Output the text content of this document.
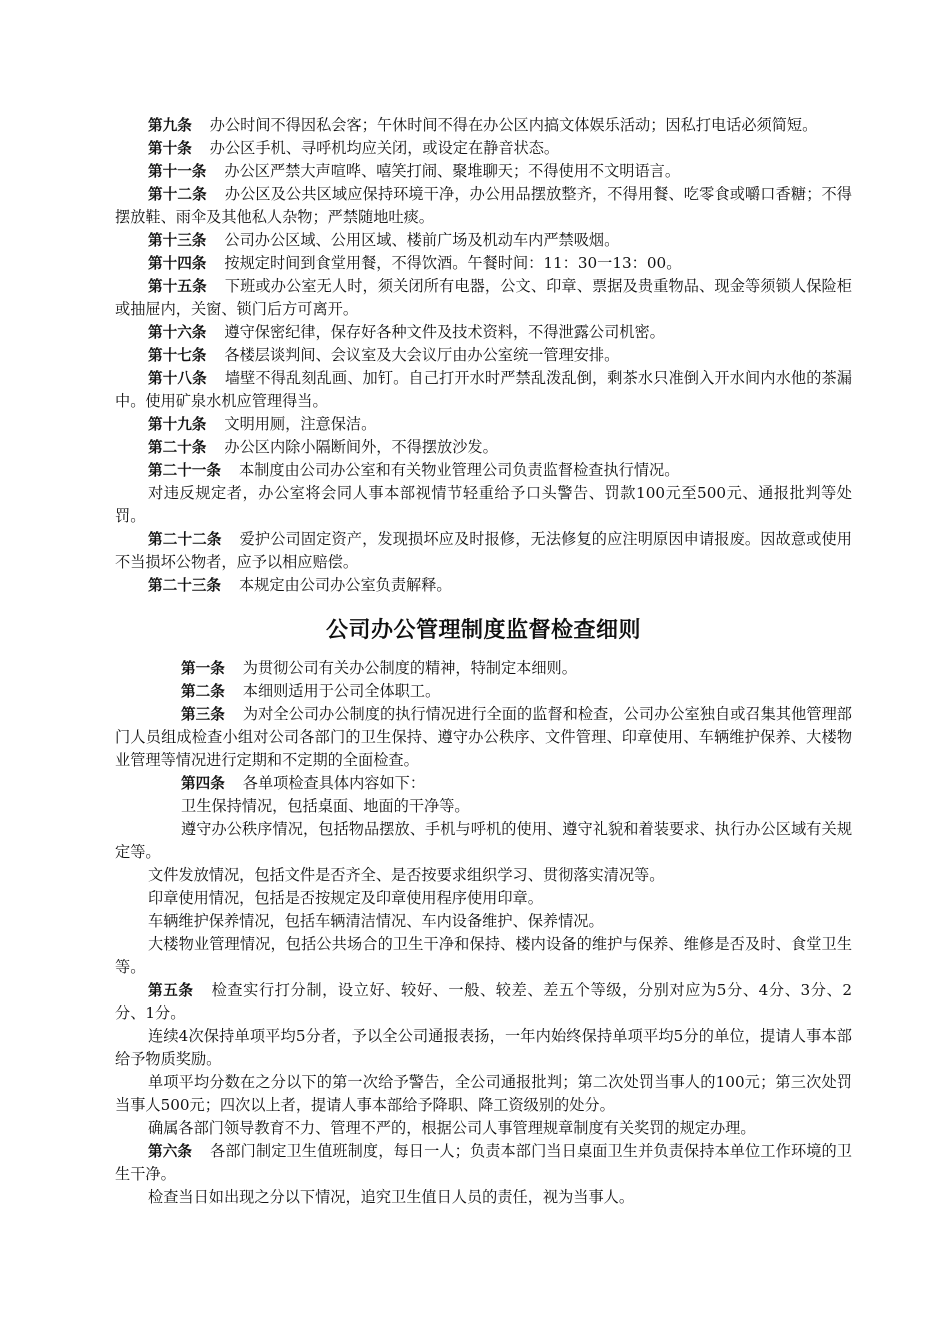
第九条 办公时间不得因私会客；午休时间不得在办公区内搞文体娱乐活动；因私打电话必须简短。

第十条 办公区手机、寻呼机均应关闭，或设定在静音状态。

第十一条 办公区严禁大声喧哗、嘻笑打闹、聚堆聊天；不得使用不文明语言。

第十二条 办公区及公共区域应保持环境干净，办公用品摆放整齐，不得用餐、吃零食或嚼口香糖；不得摆放鞋、雨伞及其他私人杂物；严禁随地吐痰。

第十三条 公司办公区域、公用区域、楼前广场及机动车内严禁吸烟。

第十四条 按规定时间到食堂用餐，不得饮酒。午餐时间：11：30一13：00。

第十五条 下班或办公室无人时，须关闭所有电器，公文、印章、票据及贵重物品、现金等须锁人保险柜或抽屉内，关窗、锁门后方可离开。

第十六条 遵守保密纪律，保存好各种文件及技术资料，不得泄露公司机密。

第十七条 各楼层谈判间、会议室及大会议厅由办公室统一管理安排。

第十八条 墙壁不得乱刻乱画、加钉。自己打开水时严禁乱泼乱倒，剩茶水只准倒入开水间内水他的茶漏中。使用矿泉水机应管理得当。

第十九条 文明用厕，注意保洁。

第二十条 办公区内除小隔断间外，不得摆放沙发。

第二十一条 本制度由公司办公室和有关物业管理公司负责监督检查执行情况。

对违反规定者，办公室将会同人事本部视情节轻重给予口头警告、罚款100元至500元、通报批判等处罚。

第二十二条 爱护公司固定资产，发现损坏应及时报修，无法修复的应注明原因申请报废。因故意或使用不当损坏公物者，应予以相应赔偿。

第二十三条 本规定由公司办公室负责解释。

公司办公管理制度监督检查细则

第一条 为贯彻公司有关办公制度的精神，特制定本细则。

第二条 本细则适用于公司全体职工。

第三条 为对全公司办公制度的执行情况进行全面的监督和检查，公司办公室独自或召集其他管理部门人员组成检查小组对公司各部门的卫生保持、遵守办公秩序、文件管理、印章使用、车辆维护保养、大楼物业管理等情况进行定期和不定期的全面检查。

第四条 各单项检查具体内容如下：

卫生保持情况，包括桌面、地面的干净等。

遵守办公秩序情况，包括物品摆放、手机与呼机的使用、遵守礼貌和着装要求、执行办公区域有关规定等。

文件发放情况，包括文件是否齐全、是否按要求组织学习、贯彻落实清况等。

印章使用情况，包括是否按规定及印章使用程序使用印章。

车辆维护保养情况，包括车辆清洁情况、车内设备维护、保养情况。

大楼物业管理情况，包括公共场合的卫生干净和保持、楼内设备的维护与保养、维修是否及时、食堂卫生等。

第五条 检查实行打分制，设立好、较好、一般、较差、差五个等级，分别对应为5分、4分、3分、2分、1分。

连续4次保持单项平均5分者，予以全公司通报表扬，一年内始终保持单项平均5分的单位，提请人事本部给予物质奖励。

单项平均分数在之分以下的第一次给予警告，全公司通报批判；第二次处罚当事人的100元；第三次处罚当事人500元；四次以上者，提请人事本部给予降职、降工资级别的处分。

确属各部门领导教育不力、管理不严的，根据公司人事管理规章制度有关奖罚的规定办理。

第六条 各部门制定卫生值班制度，每日一人；负责本部门当日桌面卫生并负责保持本单位工作环境的卫生干净。

检查当日如出现之分以下情况，追究卫生值日人员的责任，视为当事人。
